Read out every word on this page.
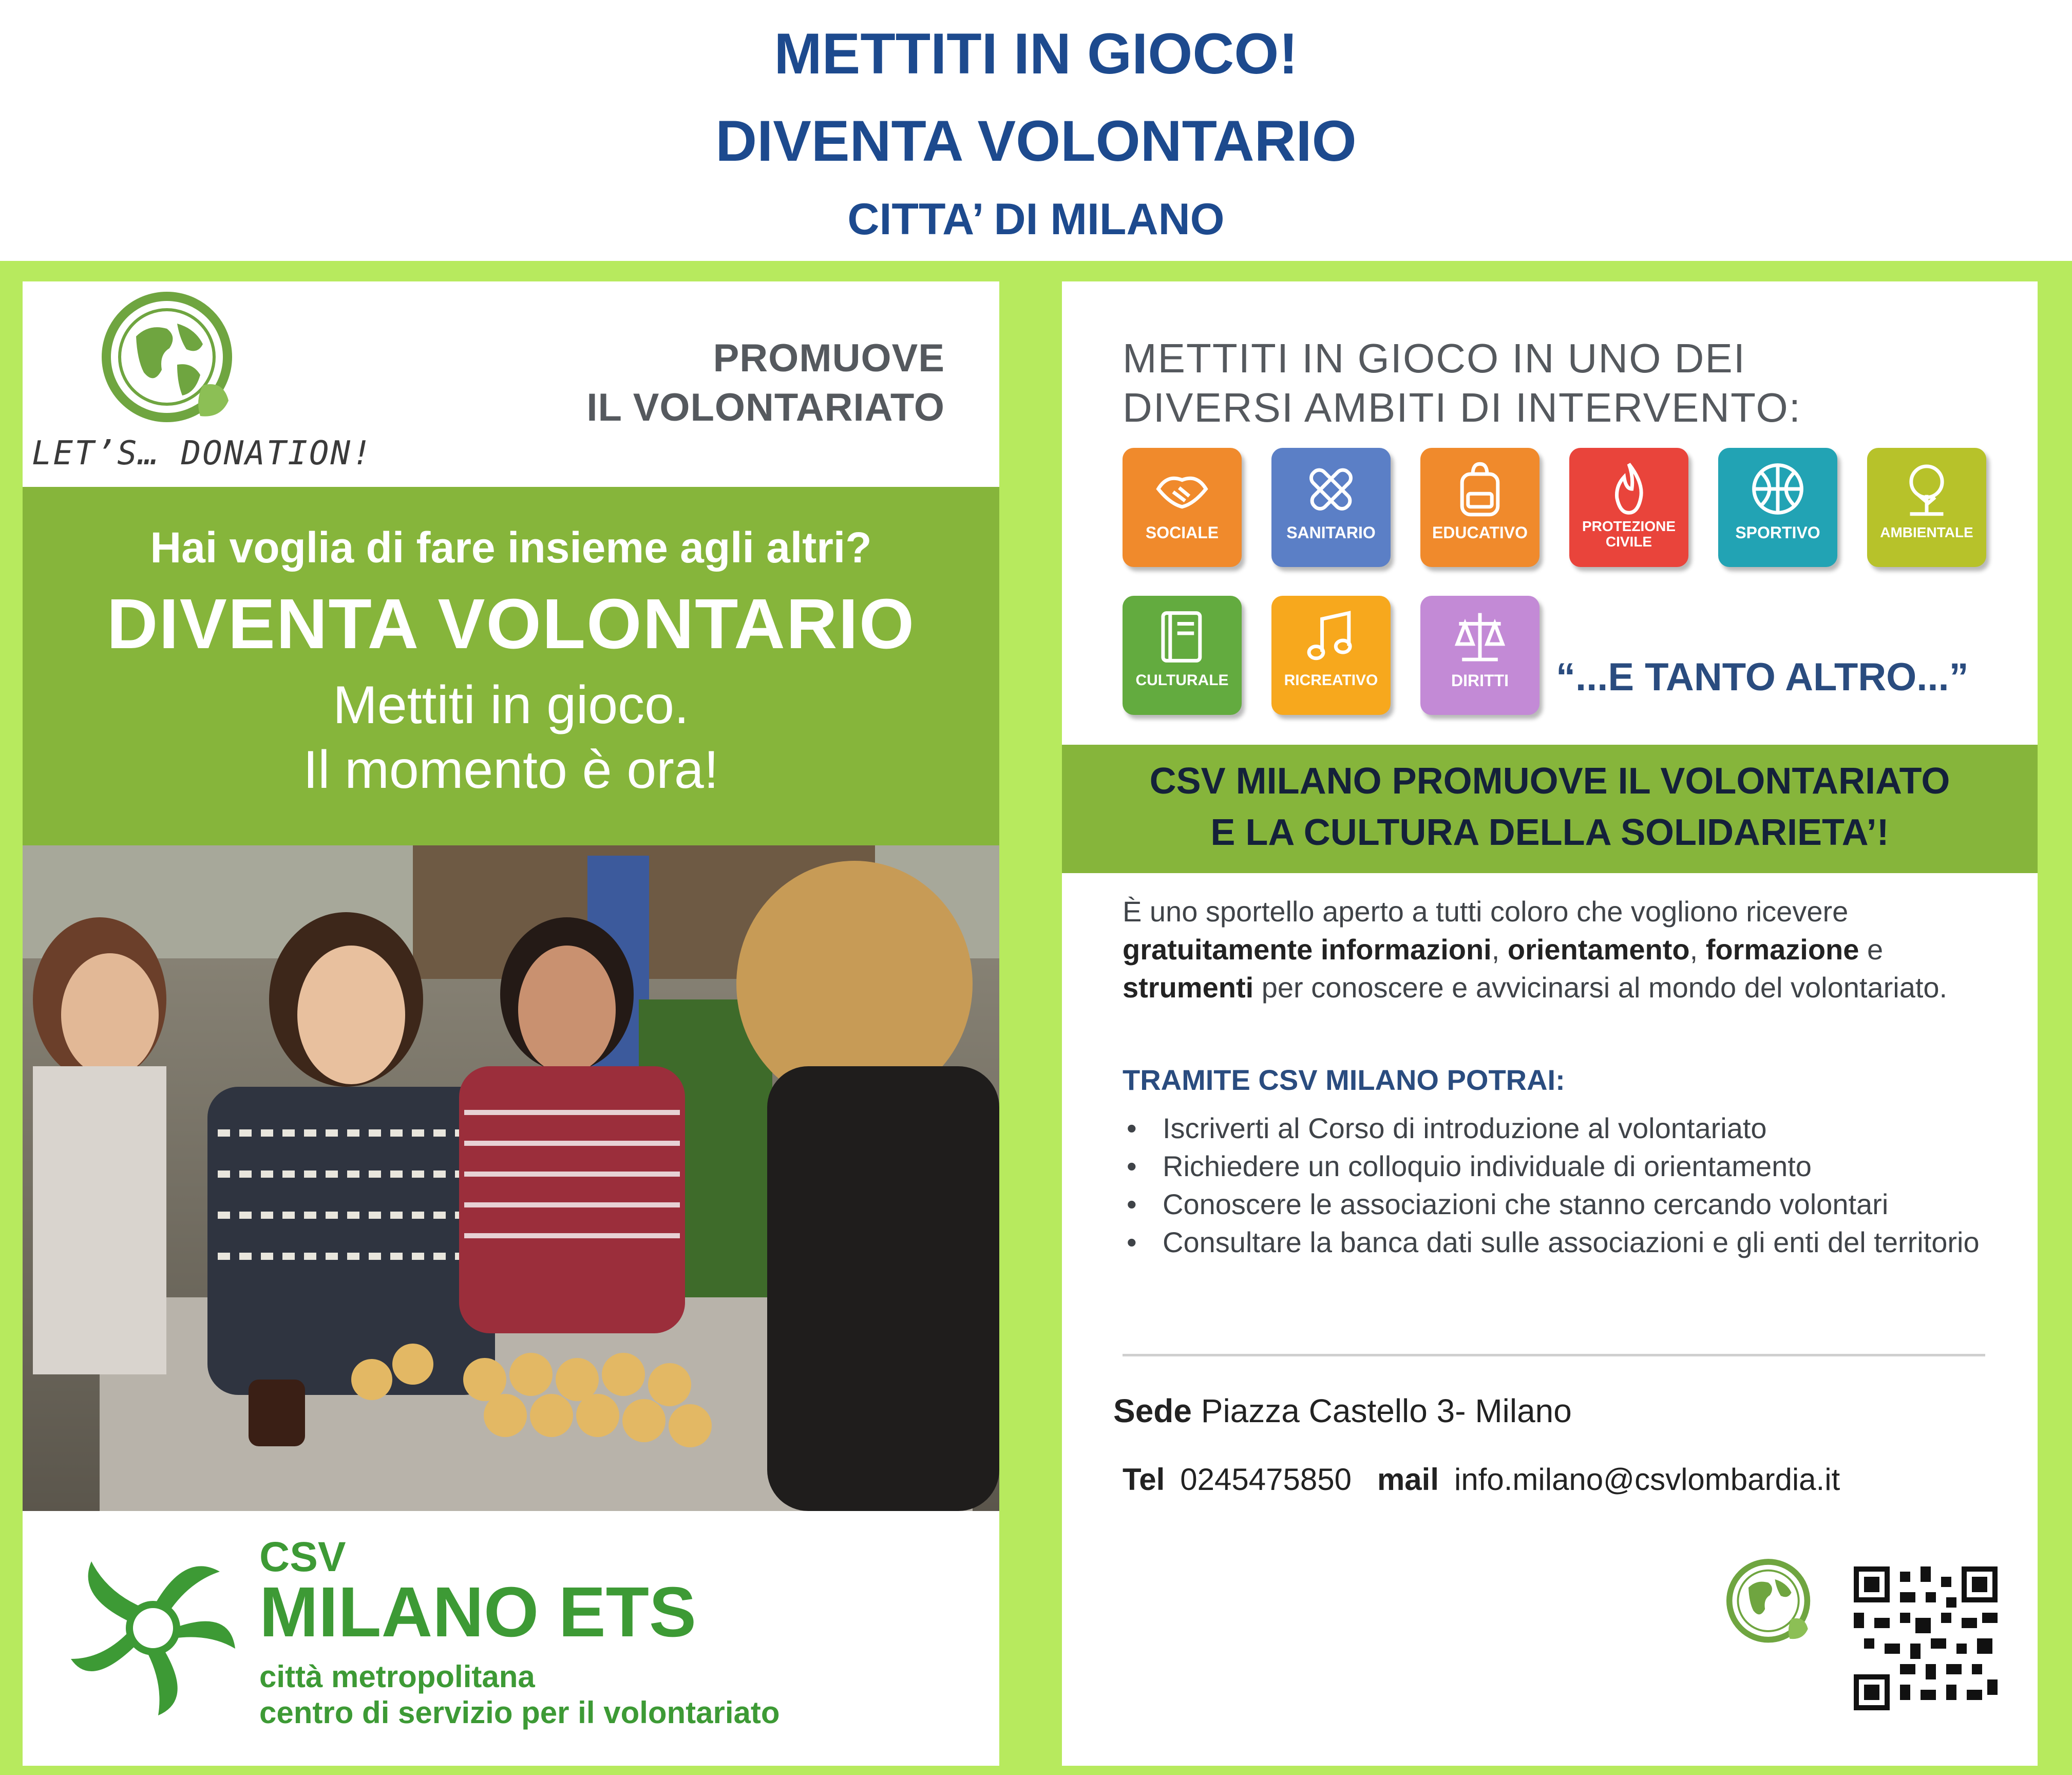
METTITI IN GIOCO!
DIVENTA VOLONTARIO
CITTA’ DI MILANO
LET’S… DONATION!
PROMUOVE
IL VOLONTARIATO
Hai voglia di fare insieme agli altri?
DIVENTA VOLONTARIO
Mettiti in gioco.
Il momento è ora!
CSV
MILANO ETS
città metropolitana
centro di servizio per il volontariato
METTITI IN GIOCO IN UNO DEI
DIVERSI AMBITI DI INTERVENTO:
SOCIALE	SANITARIO	EDUCATIVO	PROTEZIONE CIVILE	SPORTIVO	AMBIENTALE
CULTURALE	RICREATIVO	DIRITTI	“...E TANTO ALTRO...”
CSV MILANO PROMUOVE IL VOLONTARIATO
E LA CULTURA DELLA SOLIDARIETA’!
È uno sportello aperto a tutti coloro che vogliono ricevere gratuitamente informazioni, orientamento, formazione e strumenti per conoscere e avvicinarsi al mondo del volontariato.
TRAMITE CSV MILANO POTRAI:
• Iscriverti al Corso di introduzione al volontariato
• Richiedere un colloquio individuale di orientamento
• Conoscere le associazioni che stanno cercando volontari
• Consultare la banca dati sulle associazioni e gli enti del territorio
Sede Piazza Castello 3- Milano
Tel 0245475850 mail info.milano@csvlombardia.it
